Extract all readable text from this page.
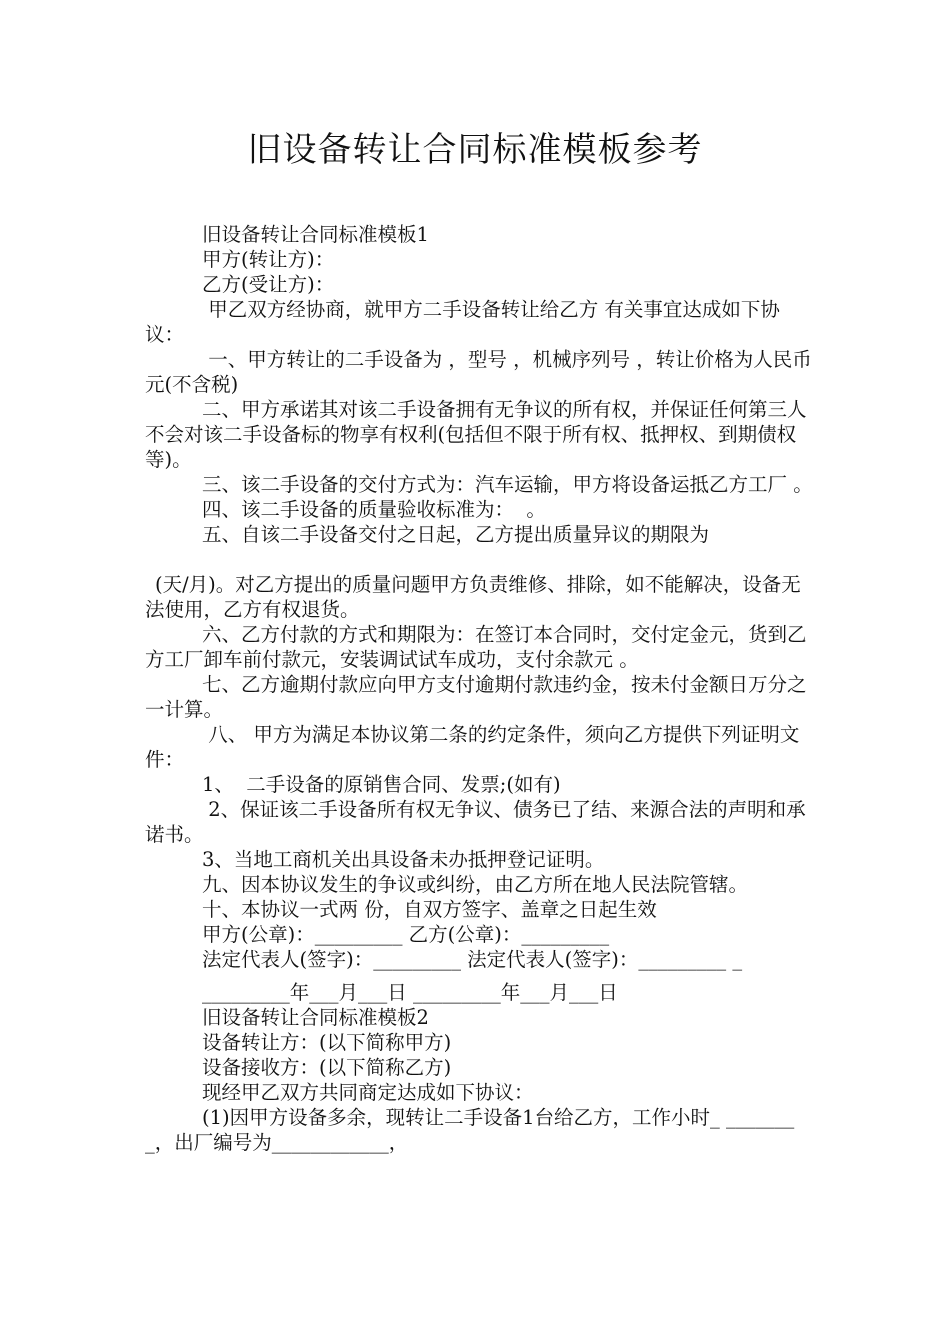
旧设备转让合同标准模板参考

旧设备转让合同标准模板1

甲方(转让方)：

乙方(受让方)：

甲乙双方经协商，就甲方二手设备转让给乙方 有关事宜达成如下协议：

一、甲方转让的二手设备为 ，型号 ，机械序列号 ，转让价格为人民币 元(不含税)

二、甲方承诺其对该二手设备拥有无争议的所有权，并保证任何第三人不会对该二手设备标的物享有权利(包括但不限于所有权、抵押权、到期债权等)。

三、该二手设备的交付方式为：汽车运输，甲方将设备运抵乙方工厂 。

四、该二手设备的质量验收标准为：  。

五、自该二手设备交付之日起，乙方提出质量异议的期限为

(天/月)。对乙方提出的质量问题甲方负责维修、排除，如不能解决，设备无法使用，乙方有权退货。

六、乙方付款的方式和期限为：在签订本合同时，交付定金元，货到乙方工厂卸车前付款元，安装调试试车成功，支付余款元 。

七、乙方逾期付款应向甲方支付逾期付款违约金，按未付金额日万分之一计算。

八、 甲方为满足本协议第二条的约定条件，须向乙方提供下列证明文件：

1、  二手设备的原销售合同、发票;(如有)

2、保证该二手设备所有权无争议、债务已了结、来源合法的声明和承诺书。

3、当地工商机关出具设备未办抵押登记证明。

九、因本协议发生的争议或纠纷，由乙方所在地人民法院管辖。

十、本协议一式两 份，自双方签字、盖章之日起生效

甲方(公章)：_________ 乙方(公章)：_________

法定代表人(签字)：_________ 法定代表人(签字)：_________ _

_________年___月___日 _________年___月___日

旧设备转让合同标准模板2

设备转让方：(以下简称甲方)

设备接收方：(以下简称乙方)

现经甲乙双方共同商定达成如下协议：

(1)因甲方设备多余，现转让二手设备1台给乙方，工作小时_ ________，出厂编号为____________，
